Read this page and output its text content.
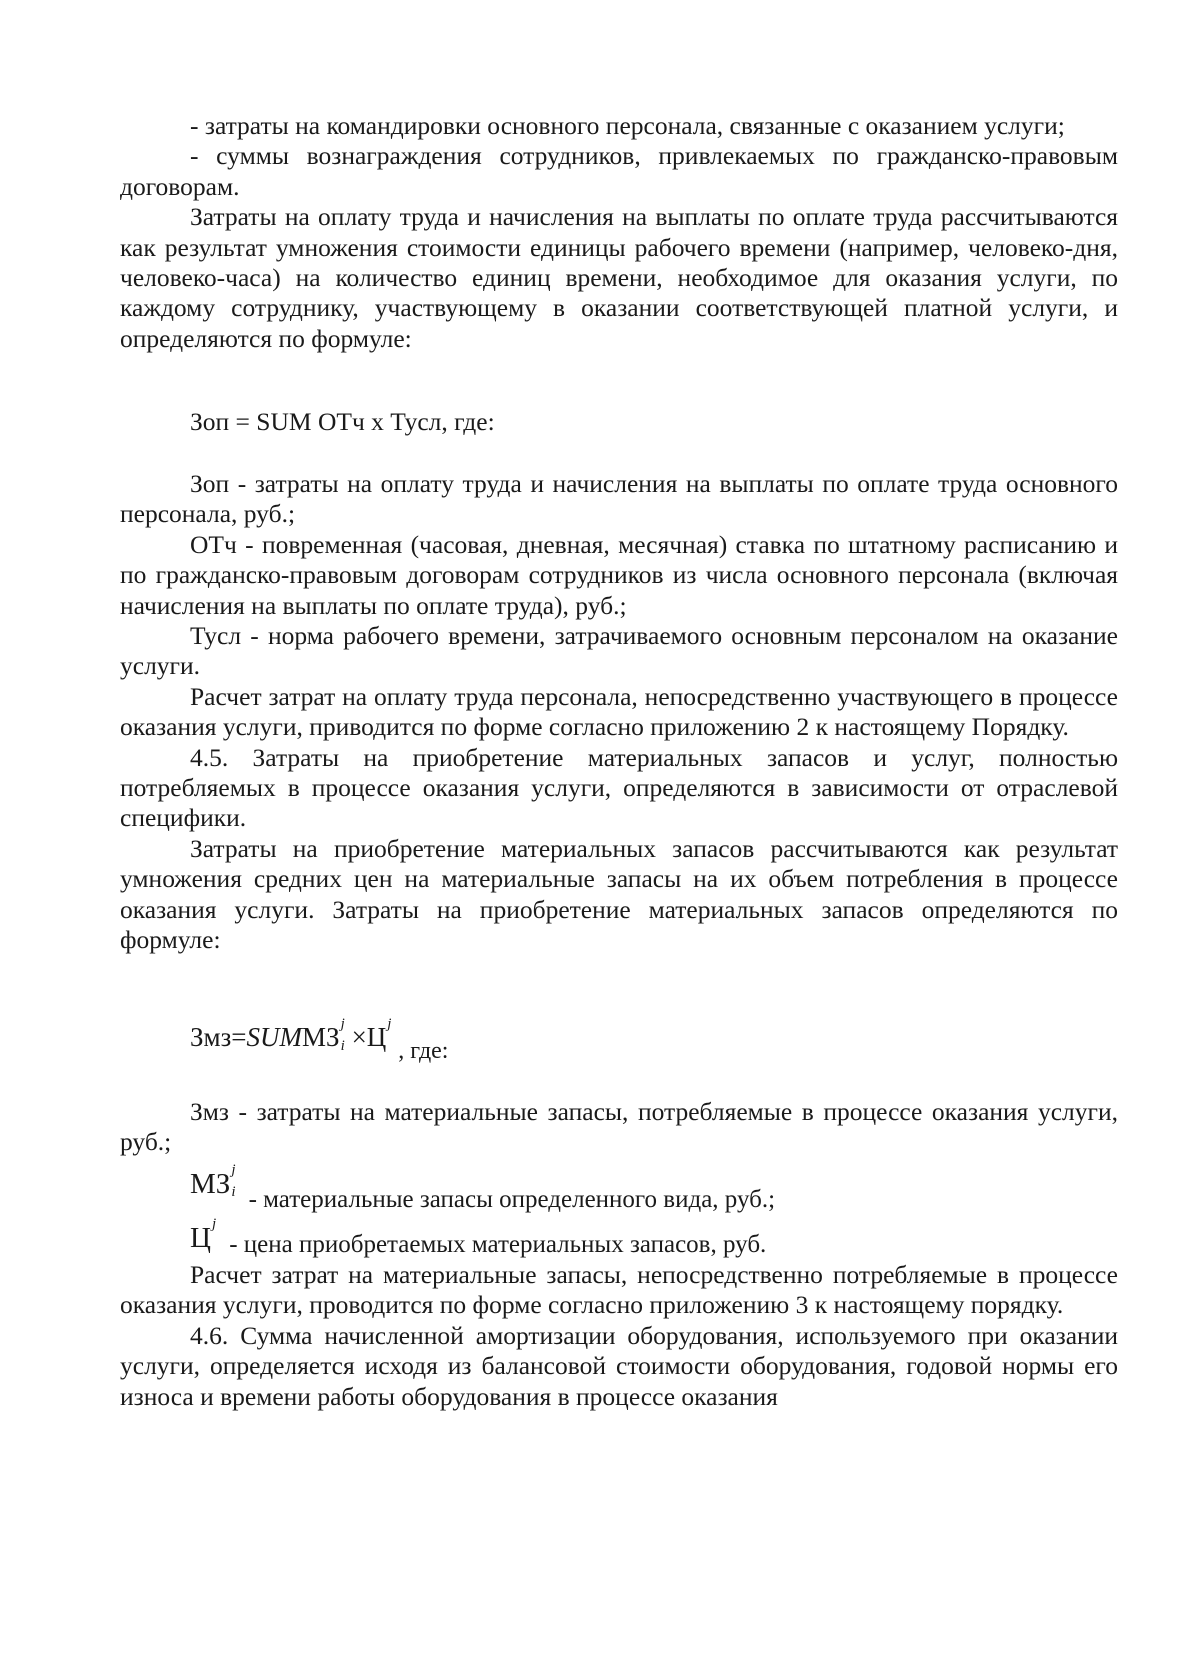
- затраты на командировки основного персонала, связанные с оказанием услуги;

- суммы вознаграждения сотрудников, привлекаемых по гражданско-правовым договорам.

Затраты на оплату труда и начисления на выплаты по оплате труда рассчитываются как результат умножения стоимости единицы рабочего времени (например, человеко-дня, человеко-часа) на количество единиц времени, необходимое для оказания услуги, по каждому сотруднику, участвующему в оказании соответствующей платной услуги, и определяются по формуле:

Зоп = SUM ОТч х Тусл, где:

Зоп - затраты на оплату труда и начисления на выплаты по оплате труда основного персонала, руб.;

ОТч - повременная (часовая, дневная, месячная) ставка по штатному расписанию и по гражданско-правовым договорам сотрудников из числа основного персонала (включая начисления на выплаты по оплате труда), руб.;

Тусл - норма рабочего времени, затрачиваемого основным персоналом на оказание услуги.

Расчет затрат на оплату труда персонала, непосредственно участвующего в процессе оказания услуги, приводится по форме согласно приложению 2 к настоящему Порядку.

4.5. Затраты на приобретение материальных запасов и услуг, полностью потребляемых в процессе оказания услуги, определяются в зависимости от отраслевой специфики.

Затраты на приобретение материальных запасов рассчитываются как результат умножения средних цен на материальные запасы на их объем потребления в процессе оказания услуги. Затраты на приобретение материальных запасов определяются по формуле:

Змз=SUMМЗ j
i ×Ц j
, где:

Змз - затраты на материальные запасы, потребляемые в процессе оказания услуги, руб.;

МЗ j
i - материальные запасы определенного вида, руб.;
Ц j
- цена приобретаемых материальных запасов, руб.

Расчет затрат на материальные запасы, непосредственно потребляемые в процессе оказания услуги, проводится по форме согласно приложению 3 к настоящему порядку.

4.6. Сумма начисленной амортизации оборудования, используемого при оказании услуги, определяется исходя из балансовой стоимости оборудования, годовой нормы его износа и времени работы оборудования в процессе оказания
